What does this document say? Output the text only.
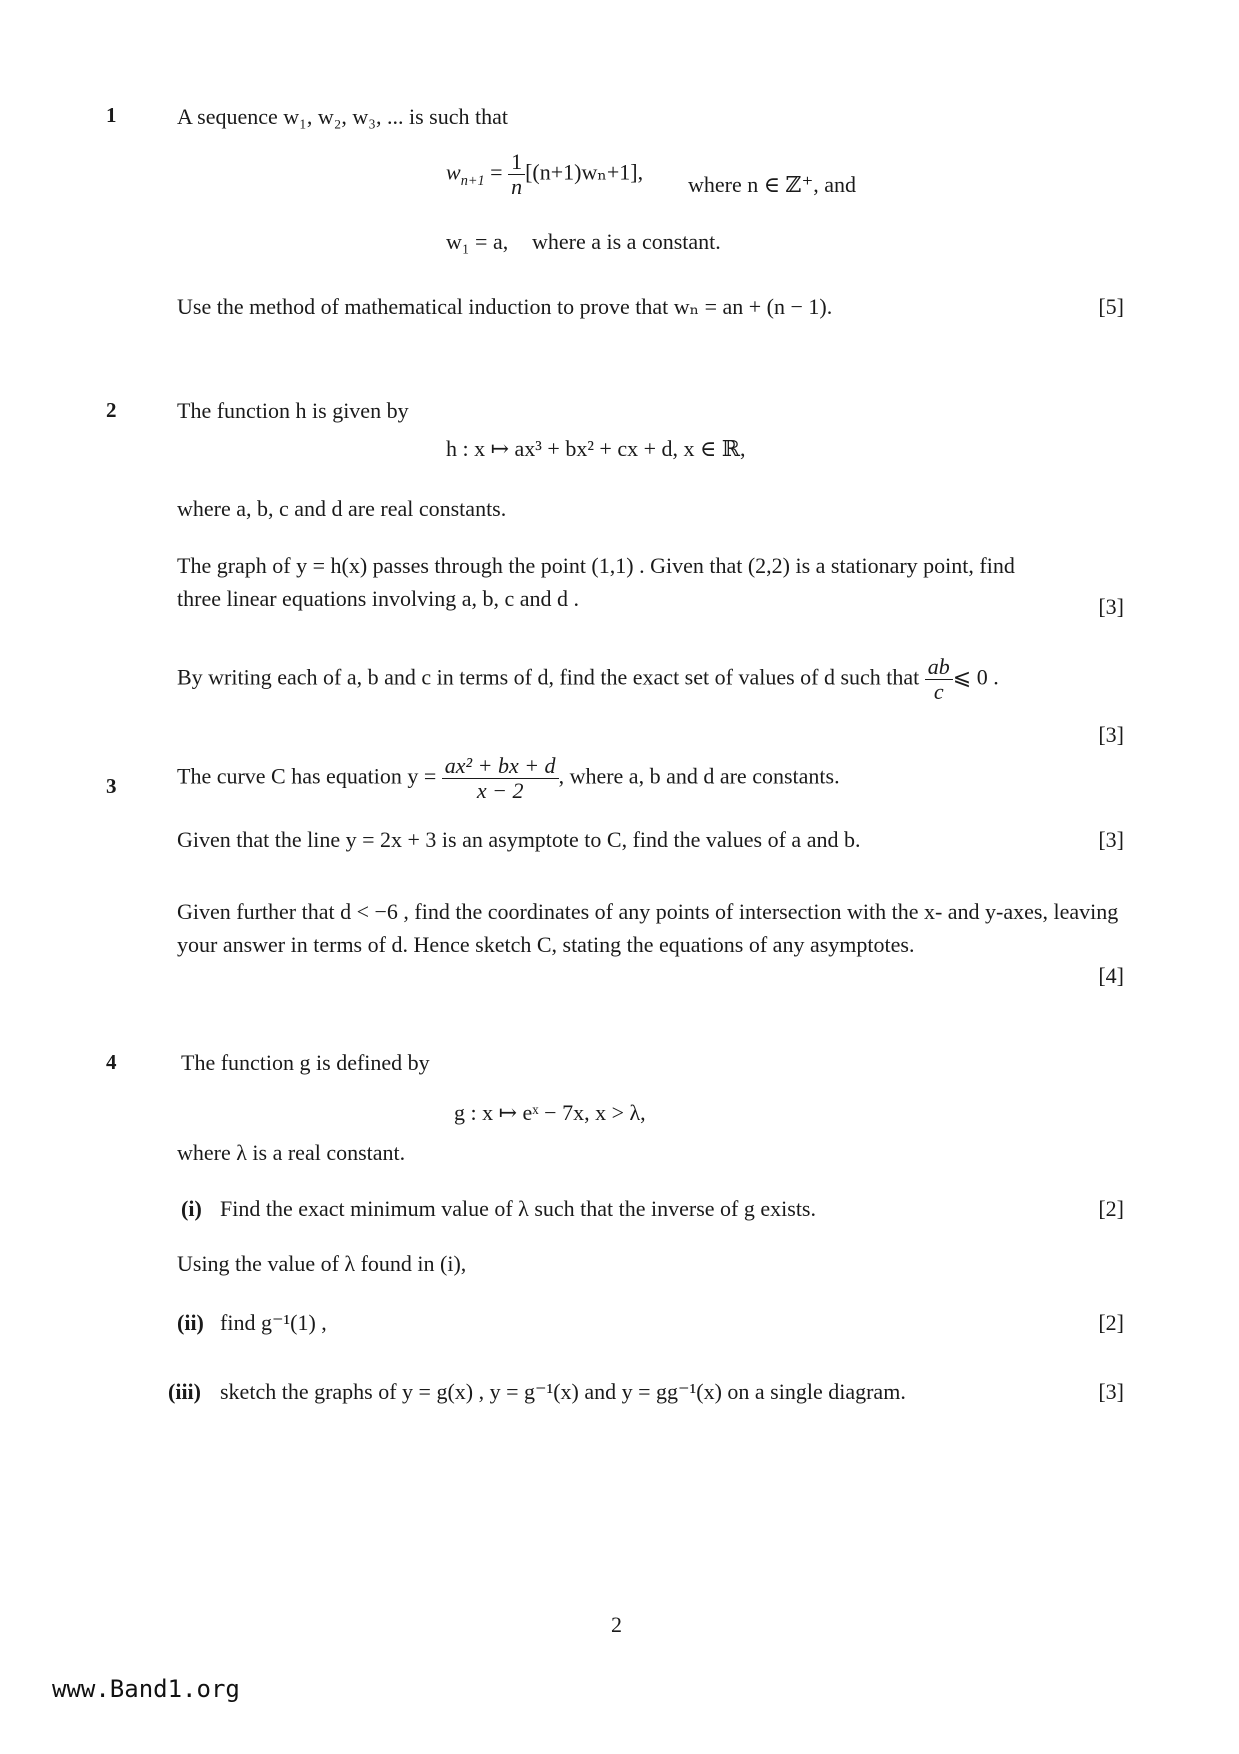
1	A sequence w₁, w₂, w₃, ... is such that
$w_{n+1} = \frac{1}{n} [(n+1)w_n+1]$, where n ∈ ℤ⁺, and
w₁ = a, where a is a constant.
Use the method of mathematical induction to prove that wₙ = an + (n − 1).	[5]
2	The function h is given by
h : x ↦ ax³ + bx² + cx + d, x ∈ ℝ,
where a, b, c and d are real constants.
The graph of y = h(x) passes through the point (1,1) . Given that (2,2) is a stationary point, find three linear equations involving a, b, c and d .	[3]
By writing each of a, b and c in terms of d, find the exact set of values of d such that $\frac{ab}{c}$ ⩽ 0 .
[3]
3	The curve C has equation $y = \frac{\text{ax² + bx + d}}{x - 2}$ , where a, b and d are constants.
Given that the line y = 2x + 3 is an asymptote to C, find the values of a and b.	[3]
Given further that d < −6 , find the coordinates of any points of intersection with the x- and y-axes, leaving your answer in terms of d. Hence sketch C, stating the equations of any asymptotes.
[4]
4	The function g is defined by
g : x ↦ eˣ − 7x, x > λ,
where λ is a real constant.
(i) Find the exact minimum value of λ such that the inverse of g exists.	[2]
Using the value of λ found in (i),
(ii) find g⁻¹(1) ,	[2]
(iii) sketch the graphs of y = g(x) , y = g⁻¹(x) and y = gg⁻¹(x) on a single diagram.	[3]
2
www.Band1.org
